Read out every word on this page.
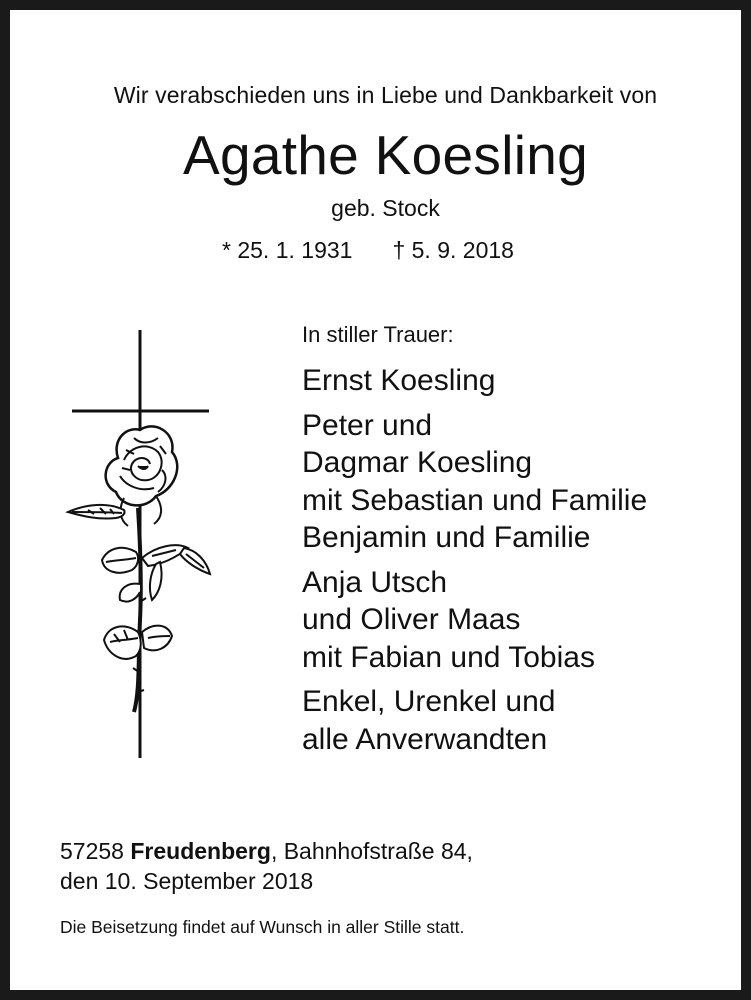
Wir verabschieden uns in Liebe und Dankbarkeit von
Agathe Koesling
geb. Stock
* 25. 1. 1931 † 5. 9. 2018
In stiller Trauer:
Ernst Koesling
Peter und
Dagmar Koesling
mit Sebastian und Familie
Benjamin und Familie
Anja Utsch
und Oliver Maas
mit Fabian und Tobias
Enkel, Urenkel und
alle Anverwandten
57258 Freudenberg, Bahnhofstraße 84,
den 10. September 2018
Die Beisetzung findet auf Wunsch in aller Stille statt.
